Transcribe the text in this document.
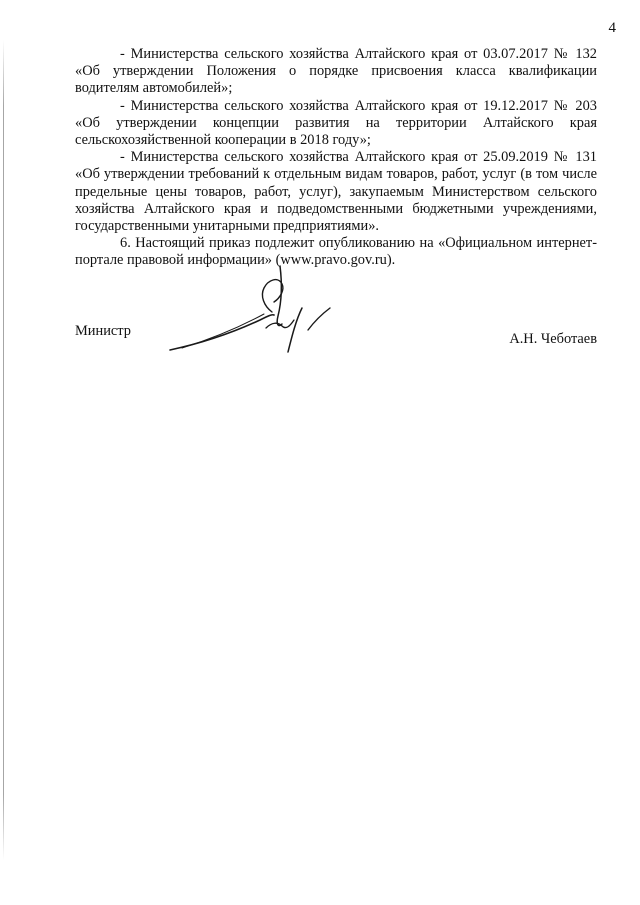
4

- Министерства сельского хозяйства Алтайского края от 03.07.2017 № 132 «Об утверждении Положения о порядке присвоения класса квалификации водителям автомобилей»;

- Министерства сельского хозяйства Алтайского края от 19.12.2017 № 203 «Об утверждении концепции развития на территории Алтайского края сельскохозяйственной кооперации в 2018 году»;

- Министерства сельского хозяйства Алтайского края от 25.09.2019 № 131 «Об утверждении требований к отдельным видам товаров, работ, услуг (в том числе предельные цены товаров, работ, услуг), закупаемым Министерством сельского хозяйства Алтайского края и подведомственными бюджетными учреждениями, государственными унитарными предприятиями».

6. Настоящий приказ подлежит опубликованию на «Официальном интернет-портале правовой информации» (www.pravo.gov.ru).

Министр	А.Н. Чеботаев
